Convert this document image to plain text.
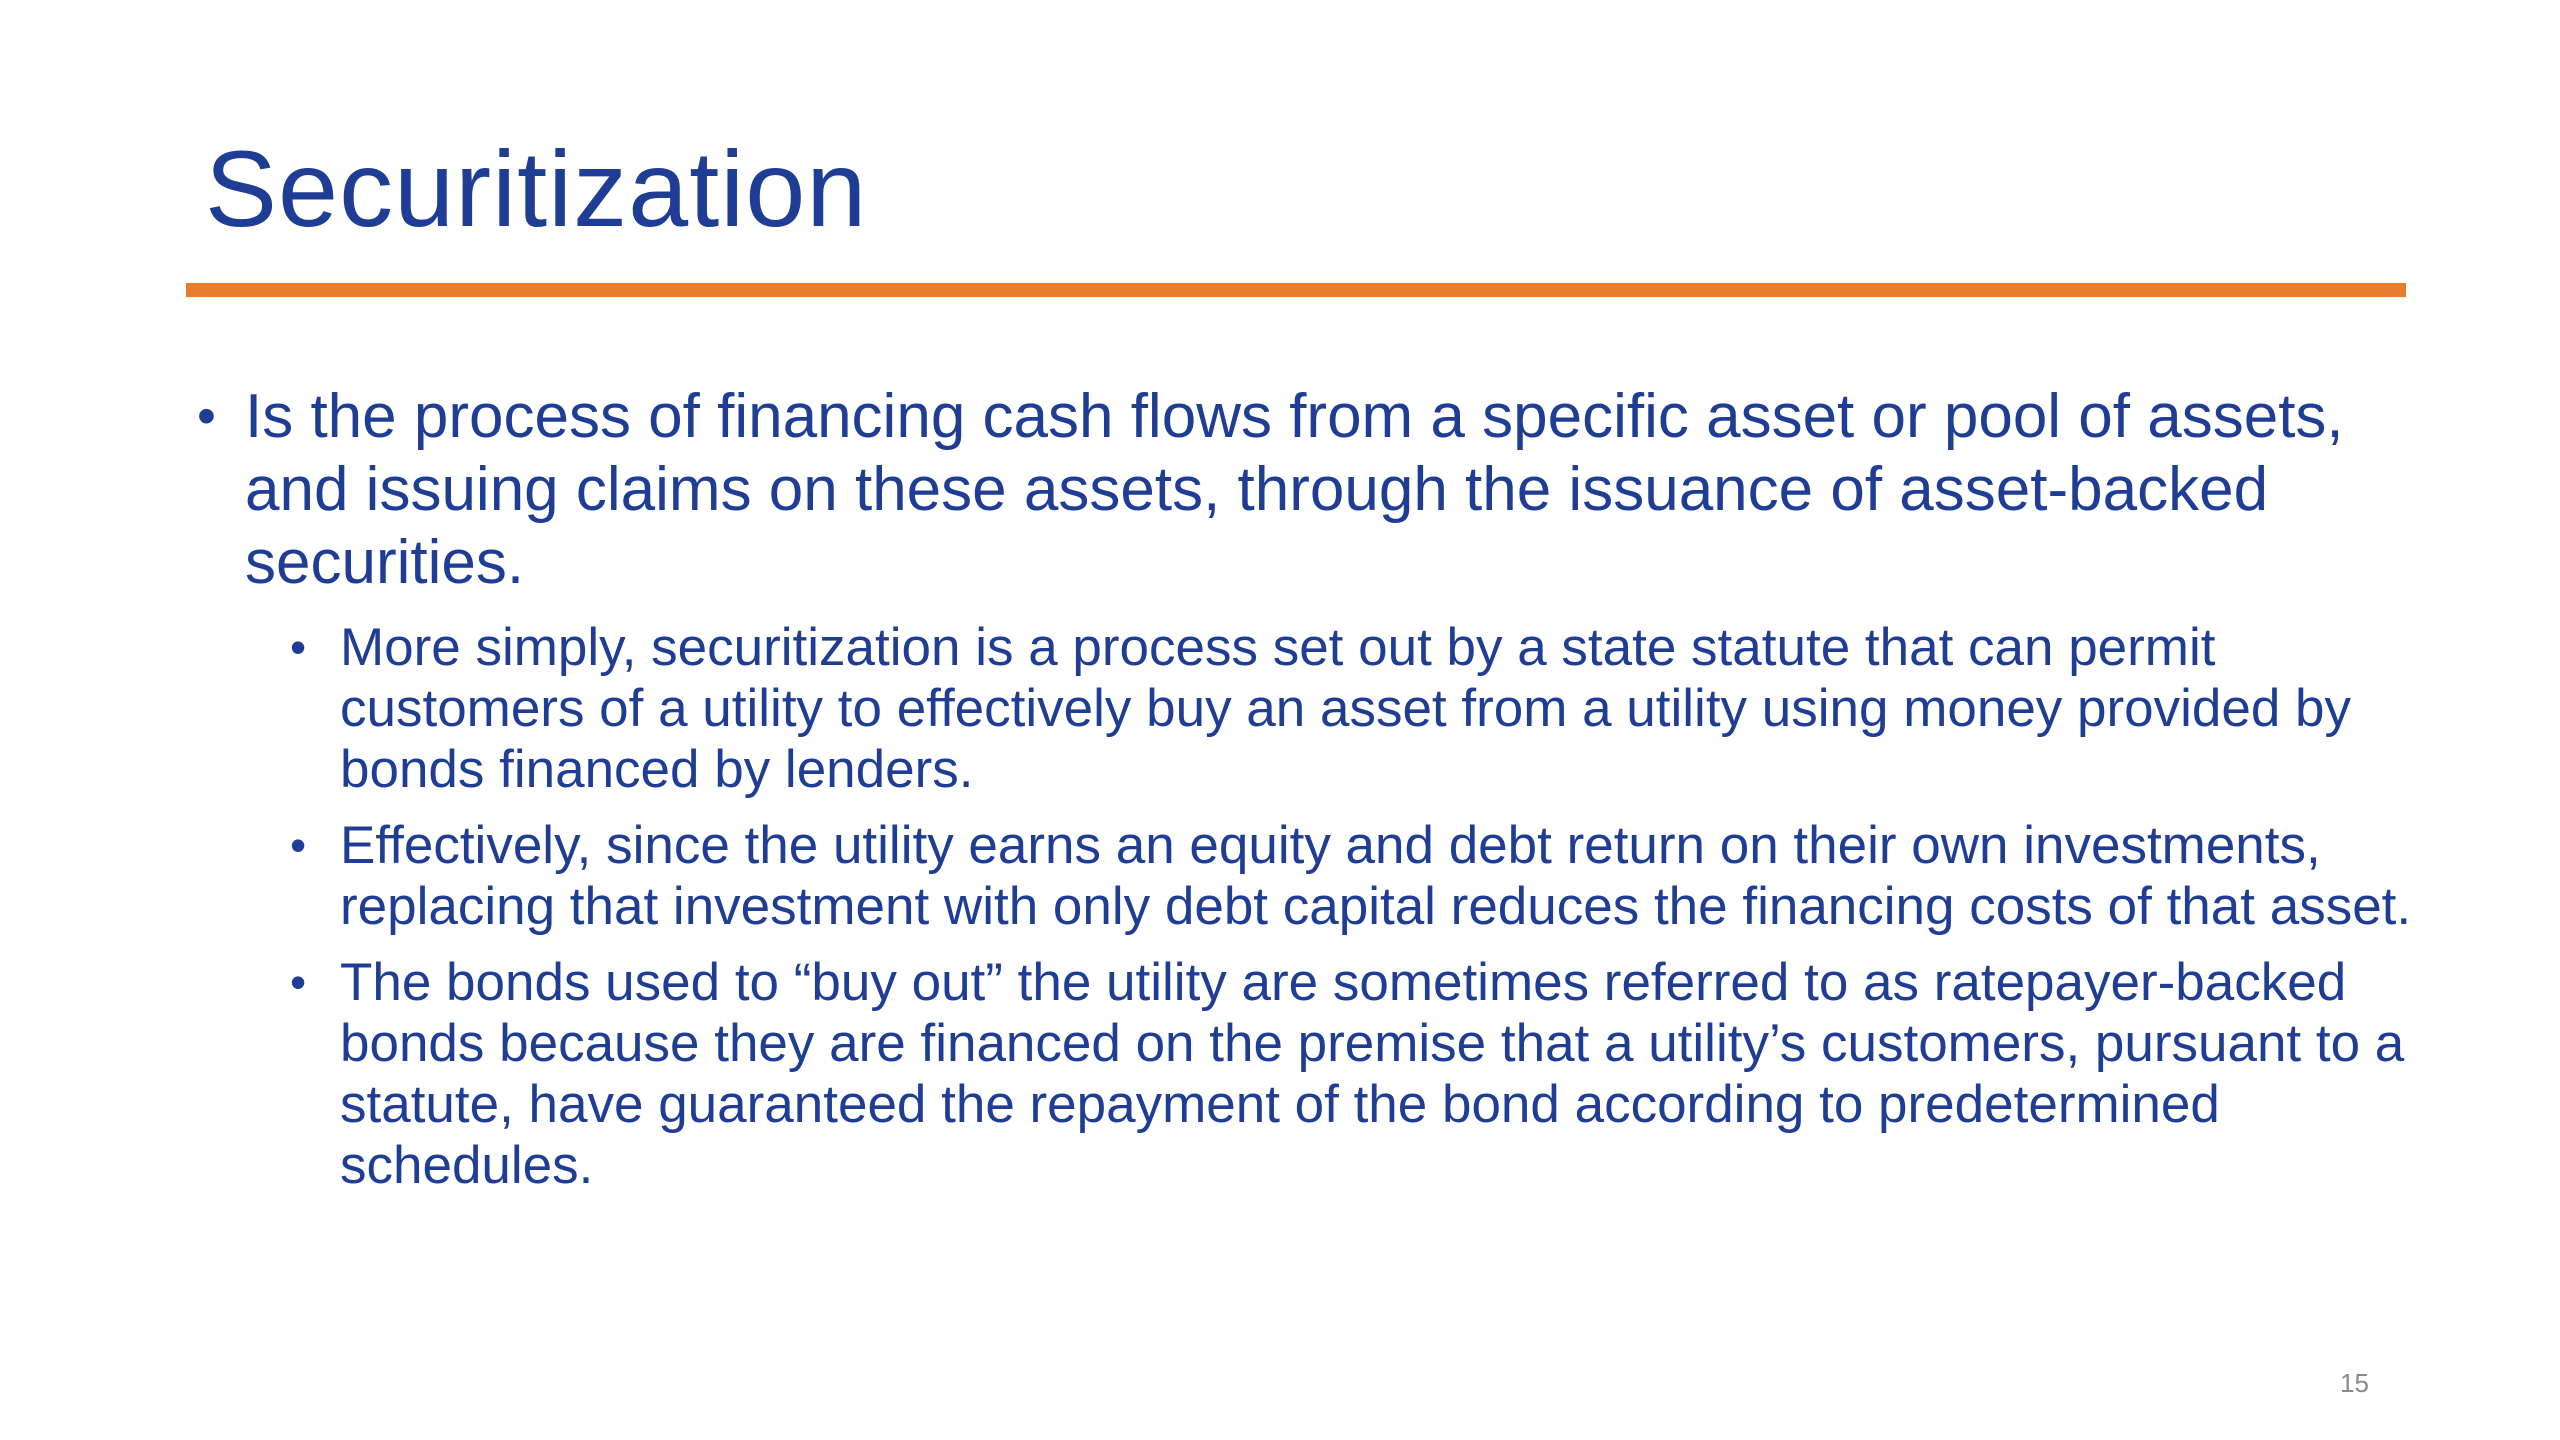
Securitization
• Is the process of financing cash flows from a specific asset or pool of assets, and issuing claims on these assets, through the issuance of asset-backed securities.
• More simply, securitization is a process set out by a state statute that can permit customers of a utility to effectively buy an asset from a utility using money provided by bonds financed by lenders.
• Effectively, since the utility earns an equity and debt return on their own investments, replacing that investment with only debt capital reduces the financing costs of that asset.
• The bonds used to “buy out” the utility are sometimes referred to as ratepayer-backed bonds because they are financed on the premise that a utility’s customers, pursuant to a statute, have guaranteed the repayment of the bond according to predetermined schedules.
15
